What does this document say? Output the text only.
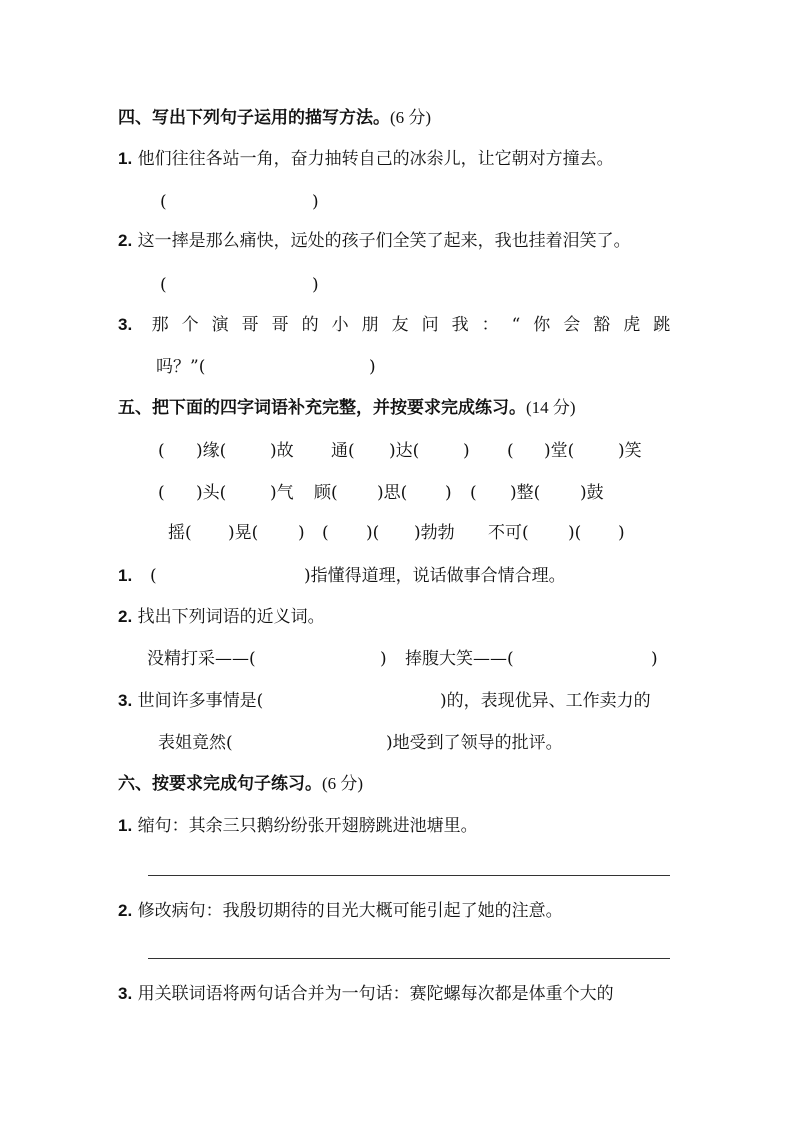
四、写出下列句子运用的描写方法。(6 分)
1. 他们往往各站一角，奋力抽转自己的冰尜儿，让它朝对方撞去。
(	)
2. 这一摔是那么痛快，远处的孩子们全笑了起来，我也挂着泪笑了。
(	)
3. 那个演哥哥的小朋友问我：“你会豁虎跳
吗？”(	)
五、把下面的四字词语补充完整，并按要求完成练习。(14 分)
( )缘(	)故 通( )达(	) ( )堂(	)笑
( )头(	)气 顾( )思( ) ( )整( )鼓
摇( )晃( ) ( )( )勃勃 不可( )( )
1. (	)指懂得道理，说话做事合情合理。
2. 找出下列词语的近义词。
没精打采——(	) 捧腹大笑——(	)
3. 世间许多事情是(	)的，表现优异、工作卖力的
表姐竟然(	)地受到了领导的批评。
六、按要求完成句子练习。(6 分)
1. 缩句：其余三只鹅纷纷张开翅膀跳进池塘里。
2. 修改病句：我殷切期待的目光大概可能引起了她的注意。
3. 用关联词语将两句话合并为一句话：赛陀螺每次都是体重个大的
